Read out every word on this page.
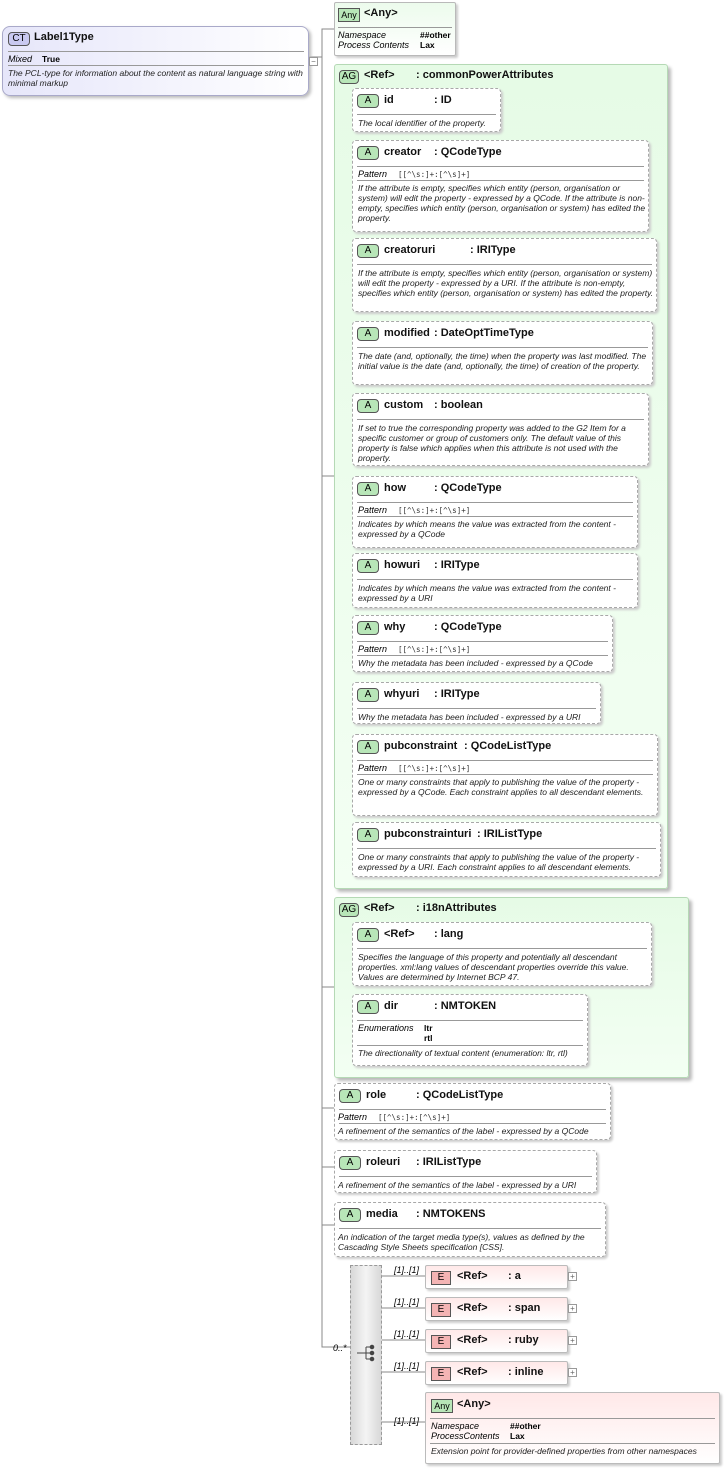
CT Label1Type
Mixed True
The PCL-type for information about the content as natural language string with minimal markup
−
Any <Any>
Namespace	##other
Process Contents Lax
AG <Ref> : commonPowerAttributes
A	id	: ID
The local identifier of the property.
A	creator : QCodeType
Pattern [[^\s:]+:[^\s]+]
If the attribute is empty, specifies which entity (person, organisation or system) will edit the property - expressed by a QCode. If the attribute is non-empty, specifies which entity (person, organisation or system) has edited the property.
A	creatoruri	: IRIType
If the attribute is empty, specifies which entity (person, organisation or system) will edit the property - expressed by a URI. If the attribute is non-empty, specifies which entity (person, organisation or system) has edited the property.
A	modified : DateOptTimeType
The date (and, optionally, the time) when the property was last modified. The initial value is the date (and, optionally, the time) of creation of the property.
A	custom : boolean
If set to true the corresponding property was added to the G2 Item for a specific customer or group of customers only. The default value of this property is false which applies when this attribute is not used with the property.
A	how	: QCodeType
Pattern [[^\s:]+:[^\s]+]
Indicates by which means the value was extracted from the content - expressed by a QCode
A	howuri : IRIType
Indicates by which means the value was extracted from the content - expressed by a URI
A	why	: QCodeType
Pattern [[^\s:]+:[^\s]+]
Why the metadata has been included - expressed by a QCode
A	whyuri : IRIType
Why the metadata has been included - expressed by a URI
A	pubconstraint : QCodeListType
Pattern [[^\s:]+:[^\s]+]
One or many constraints that apply to publishing the value of the property - expressed by a QCode. Each constraint applies to all descendant elements.
A	pubconstrainturi : IRIListType
One or many constraints that apply to publishing the value of the property - expressed by a URI. Each constraint applies to all descendant elements.
AG <Ref> : i18nAttributes
A	<Ref> : lang
Specifies the language of this property and potentially all descendant properties. xml:lang values of descendant properties override this value. Values are determined by Internet BCP 47.
A	dir	: NMTOKEN
Enumerations ltr
rtl
The directionality of textual content (enumeration: ltr, rtl)
A	role	: QCodeListType
Pattern [[^\s:]+:[^\s]+]
A refinement of the semantics of the label - expressed by a QCode
A	roleuri : IRIListType
A refinement of the semantics of the label - expressed by a URI
A	media : NMTOKENS
An indication of the target media type(s), values as defined by the Cascading Style Sheets specification [CSS].
0..*
[1]..[1]
E	<Ref> : a	+
[1]..[1]
E	<Ref> : span	+
[1]..[1]
E	<Ref> : ruby	+
[1]..[1]
E	<Ref> : inline	+
[1]..[1]
Any <Any>
Namespace	##other
ProcessContents Lax
Extension point for provider-defined properties from other namespaces
